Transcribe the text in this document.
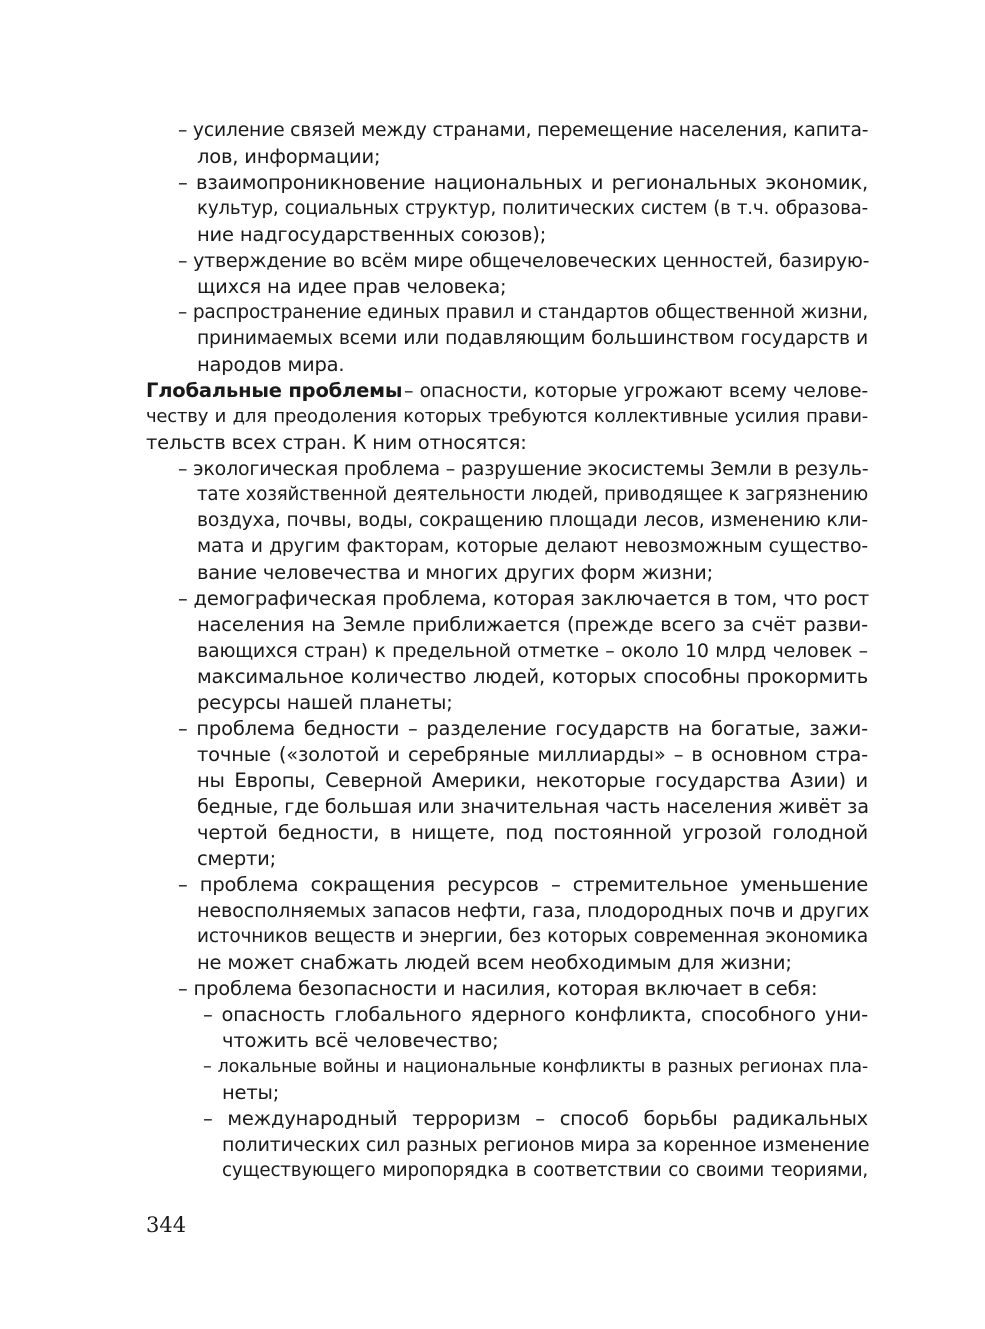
– усиление связей между странами, перемещение населения, капита-
лов, информации;
– взаимопроникновение национальных и региональных экономик,
культур, социальных структур, политических систем (в т.ч. образова-
ние надгосударственных союзов);
– утверждение во всём мире общечеловеческих ценностей, базирую-
щихся на идее прав человека;
– распространение единых правил и стандартов общественной жизни,
принимаемых всеми или подавляющим большинством государств и
народов мира.
Глобальные проблемы – опасности, которые угрожают всему челове-
честву и для преодоления которых требуются коллективные усилия прави-
тельств всех стран. К ним относятся:
– экологическая проблема – разрушение экосистемы Земли в резуль-
тате хозяйственной деятельности людей, приводящее к загрязнению
воздуха, почвы, воды, сокращению площади лесов, изменению кли-
мата и другим факторам, которые делают невозможным существо-
вание человечества и многих других форм жизни;
– демографическая проблема, которая заключается в том, что рост
населения на Земле приближается (прежде всего за счёт разви-
вающихся стран) к предельной отметке – около 10 млрд человек –
максимальное количество людей, которых способны прокормить
ресурсы нашей планеты;
– проблема бедности – разделение государств на богатые, зажи-
точные («золотой и серебряные миллиарды» – в основном стра-
ны Европы, Северной Америки, некоторые государства Азии) и
бедные, где большая или значительная часть населения живёт за
чертой бедности, в нищете, под постоянной угрозой голодной
смерти;
– проблема сокращения ресурсов – стремительное уменьшение
невосполняемых запасов нефти, газа, плодородных почв и других
источников веществ и энергии, без которых современная экономика
не может снабжать людей всем необходимым для жизни;
– проблема безопасности и насилия, которая включает в себя:
– опасность глобального ядерного конфликта, способного уни-
чтожить всё человечество;
– локальные войны и национальные конфликты в разных регионах пла-
неты;
– международный терроризм – способ борьбы радикальных
политических сил разных регионов мира за коренное изменение
существующего миропорядка в соответствии со своими теориями,
344
